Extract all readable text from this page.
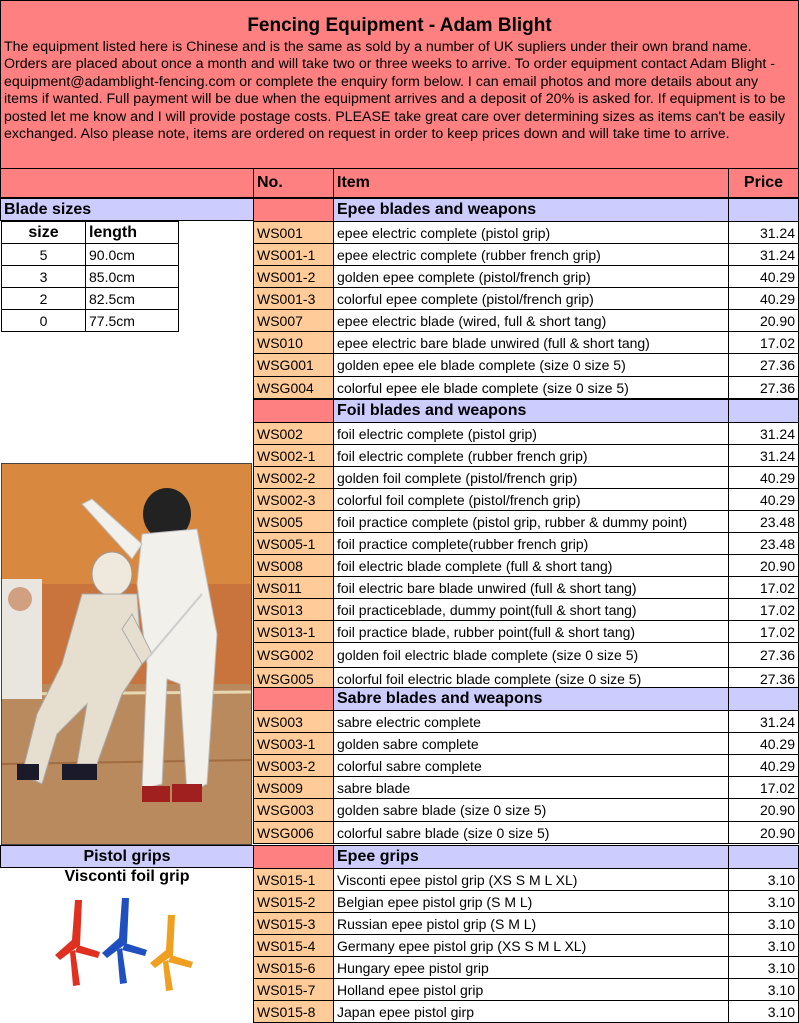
Fencing Equipment - Adam Blight
The equipment listed here is Chinese and is the same as sold by a number of UK supliers under their own brand name. Orders are placed about once a month and will take two or three weeks to arrive. To order equipment contact Adam Blight - equipment@adamblight-fencing.com or complete the enquiry form below. I can email photos and more details about any items if wanted. Full payment will be due when the equipment arrives and a deposit of 20% is asked for. If equipment is to be posted let me know and I will provide postage costs. PLEASE take great care over determining sizes as items can't be easily exchanged. Also please note, items are ordered on request in order to keep prices down and will take time to arrive.
No.	Item	Price
Blade sizes
size	length
5	90.0cm
3	85.0cm
2	82.5cm
0	77.5cm
Pistol grips
Visconti foil grip
Epee blades and weapons
WS001	epee electric complete (pistol grip)	31.24
WS001-1	epee electric complete (rubber french grip)	31.24
WS001-2	golden epee complete (pistol/french grip)	40.29
WS001-3	colorful epee complete (pistol/french grip)	40.29
WS007	epee electric blade (wired, full & short tang)	20.90
WS010	epee electric bare blade unwired (full & short tang)	17.02
WSG001	golden epee ele blade complete (size 0 size 5)	27.36
WSG004	colorful epee ele blade complete (size 0 size 5)	27.36
Foil blades and weapons
WS002	foil electric complete (pistol grip)	31.24
WS002-1	foil electric complete (rubber french grip)	31.24
WS002-2	golden foil complete (pistol/french grip)	40.29
WS002-3	colorful foil complete (pistol/french grip)	40.29
WS005	foil practice complete (pistol grip, rubber & dummy point)	23.48
WS005-1	foil practice complete(rubber french grip)	23.48
WS008	foil electric blade complete (full & short tang)	20.90
WS011	foil electric bare blade unwired (full & short tang)	17.02
WS013	foil practiceblade, dummy point(full & short tang)	17.02
WS013-1	foil practice blade, rubber point(full & short tang)	17.02
WSG002	golden foil electric blade complete (size 0 size 5)	27.36
WSG005	colorful foil electric blade complete (size 0 size 5)	27.36
Sabre blades and weapons
WS003	sabre electric complete	31.24
WS003-1	golden sabre complete	40.29
WS003-2	colorful sabre complete	40.29
WS009	sabre blade	17.02
WSG003	golden sabre blade (size 0 size 5)	20.90
WSG006	colorful sabre blade (size 0 size 5)	20.90
Epee grips
WS015-1	Visconti epee pistol grip (XS S M L XL)	3.10
WS015-2	Belgian epee pistol grip (S M L)	3.10
WS015-3	Russian epee pistol grip (S M L)	3.10
WS015-4	Germany epee pistol grip (XS S M L XL)	3.10
WS015-6	Hungary epee pistol grip	3.10
WS015-7	Holland epee pistol grip	3.10
WS015-8	Japan epee pistol girp	3.10
